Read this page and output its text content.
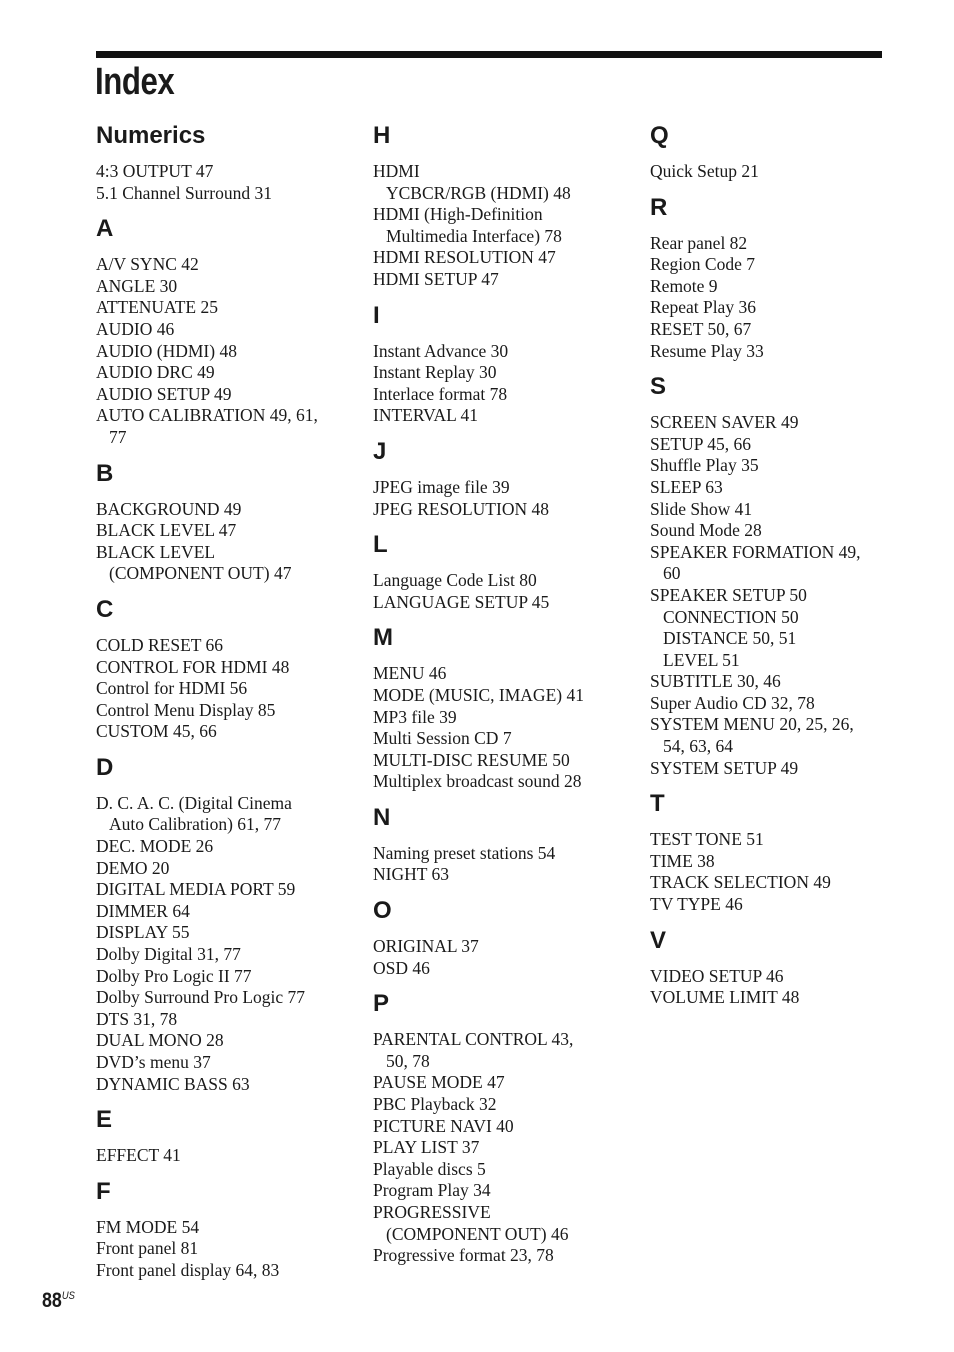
Index
Numerics
4:3 OUTPUT 47
5.1 Channel Surround 31
A
A/V SYNC 42
ANGLE 30
ATTENUATE 25
AUDIO 46
AUDIO (HDMI) 48
AUDIO DRC 49
AUDIO SETUP 49
AUTO CALIBRATION 49, 61,
77
B
BACKGROUND 49
BLACK LEVEL 47
BLACK LEVEL
(COMPONENT OUT) 47
C
COLD RESET 66
CONTROL FOR HDMI 48
Control for HDMI 56
Control Menu Display 85
CUSTOM 45, 66
D
D. C. A. C. (Digital Cinema
Auto Calibration) 61, 77
DEC. MODE 26
DEMO 20
DIGITAL MEDIA PORT 59
DIMMER 64
DISPLAY 55
Dolby Digital 31, 77
Dolby Pro Logic II 77
Dolby Surround Pro Logic 77
DTS 31, 78
DUAL MONO 28
DVD’s menu 37
DYNAMIC BASS 63
E
EFFECT 41
F
FM MODE 54
Front panel 81
Front panel display 64, 83
H
HDMI
YCBCR/RGB (HDMI) 48
HDMI (High-Definition
Multimedia Interface) 78
HDMI RESOLUTION 47
HDMI SETUP 47
I
Instant Advance 30
Instant Replay 30
Interlace format 78
INTERVAL 41
J
JPEG image file 39
JPEG RESOLUTION 48
L
Language Code List 80
LANGUAGE SETUP 45
M
MENU 46
MODE (MUSIC, IMAGE) 41
MP3 file 39
Multi Session CD 7
MULTI-DISC RESUME 50
Multiplex broadcast sound 28
N
Naming preset stations 54
NIGHT 63
O
ORIGINAL 37
OSD 46
P
PARENTAL CONTROL 43,
50, 78
PAUSE MODE 47
PBC Playback 32
PICTURE NAVI 40
PLAY LIST 37
Playable discs 5
Program Play 34
PROGRESSIVE
(COMPONENT OUT) 46
Progressive format 23, 78
Q
Quick Setup 21
R
Rear panel 82
Region Code 7
Remote 9
Repeat Play 36
RESET 50, 67
Resume Play 33
S
SCREEN SAVER 49
SETUP 45, 66
Shuffle Play 35
SLEEP 63
Slide Show 41
Sound Mode 28
SPEAKER FORMATION 49,
60
SPEAKER SETUP 50
CONNECTION 50
DISTANCE 50, 51
LEVEL 51
SUBTITLE 30, 46
Super Audio CD 32, 78
SYSTEM MENU 20, 25, 26,
54, 63, 64
SYSTEM SETUP 49
T
TEST TONE 51
TIME 38
TRACK SELECTION 49
TV TYPE 46
V
VIDEO SETUP 46
VOLUME LIMIT 48
$88^{US}$
